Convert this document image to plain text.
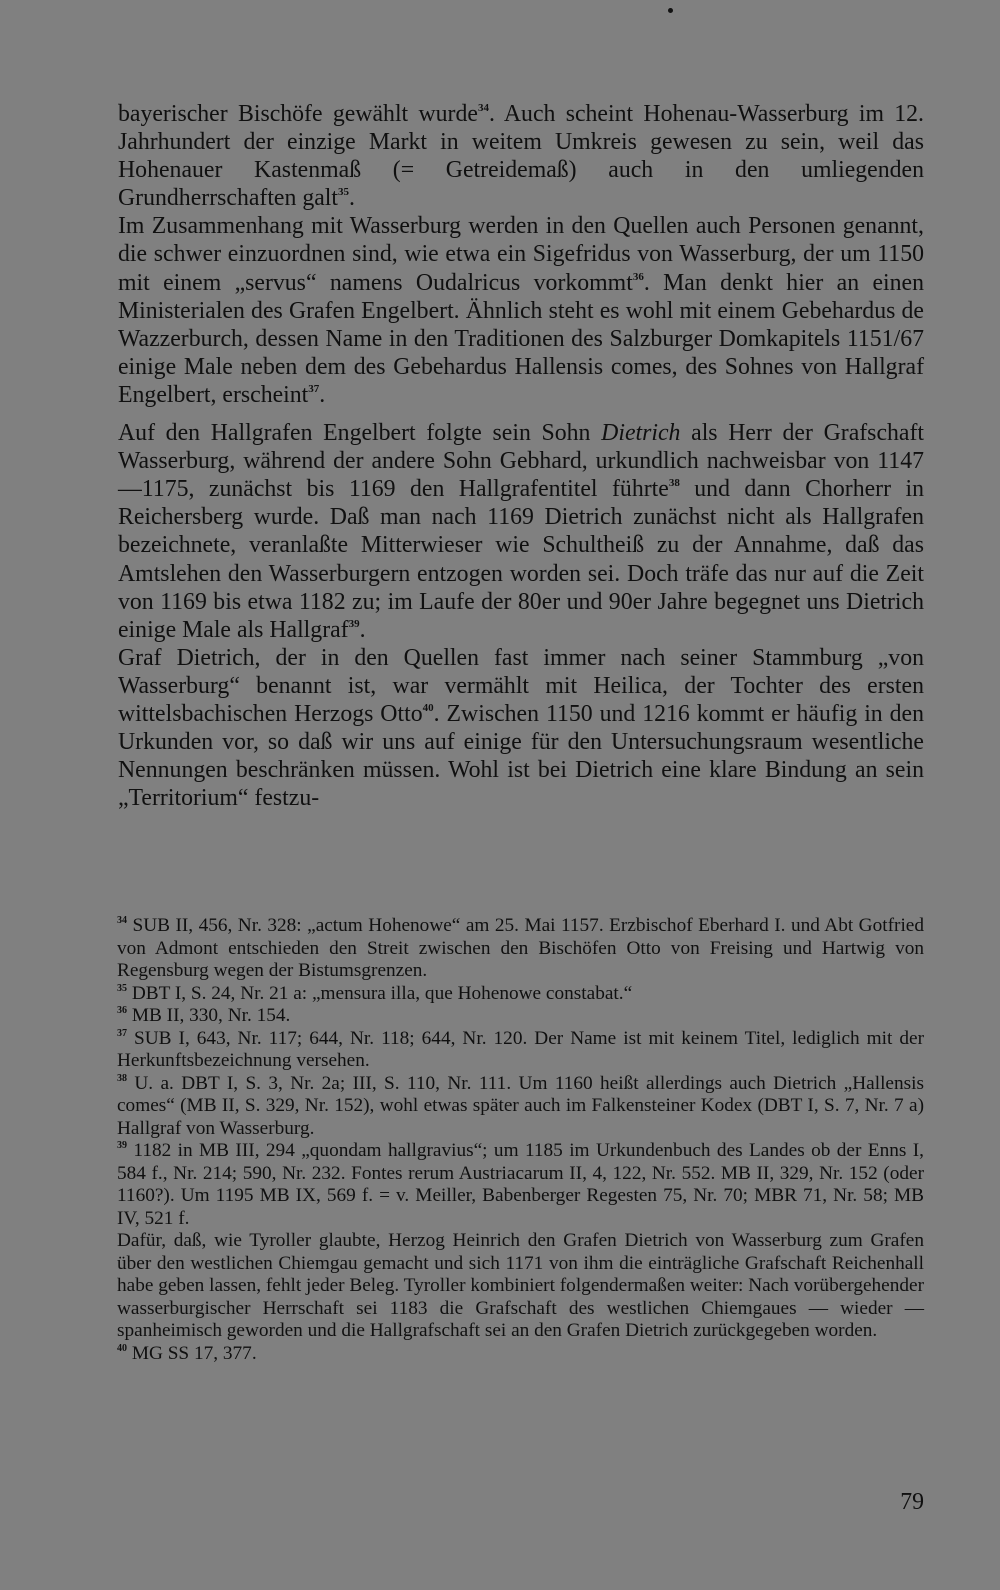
bayerischer Bischöfe gewählt wurde$^{34}$. Auch scheint Hohenau-Wasserburg im 12. Jahrhundert der einzige Markt in weitem Umkreis gewesen zu sein, weil das Hohenauer Kastenmaß (= Getreidemaß) auch in den umliegenden Grundherrschaften galt$^{35}$.

Im Zusammenhang mit Wasserburg werden in den Quellen auch Personen genannt, die schwer einzuordnen sind, wie etwa ein Sigefridus von Wasserburg, der um 1150 mit einem „servus“ namens Oudalricus vorkommt$^{36}$. Man denkt hier an einen Ministerialen des Grafen Engelbert. Ähnlich steht es wohl mit einem Gebehardus de Wazzerburch, dessen Name in den Traditionen des Salzburger Domkapitels 1151/67 einige Male neben dem des Gebehardus Hallensis comes, des Sohnes von Hallgraf Engelbert, erscheint$^{37}$.

Auf den Hallgrafen Engelbert folgte sein Sohn Dietrich als Herr der Grafschaft Wasserburg, während der andere Sohn Gebhard, urkundlich nachweisbar von 1147—1175, zunächst bis 1169 den Hallgrafentitel führte$^{38}$ und dann Chorherr in Reichersberg wurde. Daß man nach 1169 Dietrich zunächst nicht als Hallgrafen bezeichnete, veranlaßte Mitterwieser wie Schultheiß zu der Annahme, daß das Amtslehen den Wasserburgern entzogen worden sei. Doch träfe das nur auf die Zeit von 1169 bis etwa 1182 zu; im Laufe der 80er und 90er Jahre begegnet uns Dietrich einige Male als Hallgraf$^{39}$.

Graf Dietrich, der in den Quellen fast immer nach seiner Stammburg „von Wasserburg“ benannt ist, war vermählt mit Heilica, der Tochter des ersten wittelsbachischen Herzogs Otto$^{40}$. Zwischen 1150 und 1216 kommt er häufig in den Urkunden vor, so daß wir uns auf einige für den Untersuchungsraum wesentliche Nennungen beschränken müssen. Wohl ist bei Dietrich eine klare Bindung an sein „Territorium“ festzu-

$^{34}$ SUB II, 456, Nr. 328: „actum Hohenowe“ am 25. Mai 1157. Erzbischof Eberhard I. und Abt Gotfried von Admont entschieden den Streit zwischen den Bischöfen Otto von Freising und Hartwig von Regensburg wegen der Bistumsgrenzen.

$^{35}$ DBT I, S. 24, Nr. 21 a: „mensura illa, que Hohenowe constabat.“

$^{36}$ MB II, 330, Nr. 154.

$^{37}$ SUB I, 643, Nr. 117; 644, Nr. 118; 644, Nr. 120. Der Name ist mit keinem Titel, lediglich mit der Herkunftsbezeichnung versehen.

$^{38}$ U. a. DBT I, S. 3, Nr. 2a; III, S. 110, Nr. 111. Um 1160 heißt allerdings auch Dietrich „Hallensis comes“ (MB II, S. 329, Nr. 152), wohl etwas später auch im Falkensteiner Kodex (DBT I, S. 7, Nr. 7 a) Hallgraf von Wasserburg.

$^{39}$ 1182 in MB III, 294 „quondam hallgravius“; um 1185 im Urkundenbuch des Landes ob der Enns I, 584 f., Nr. 214; 590, Nr. 232. Fontes rerum Austriacarum II, 4, 122, Nr. 552. MB II, 329, Nr. 152 (oder 1160?). Um 1195 MB IX, 569 f. = v. Meiller, Babenberger Regesten 75, Nr. 70; MBR 71, Nr. 58; MB IV, 521 f.

Dafür, daß, wie Tyroller glaubte, Herzog Heinrich den Grafen Dietrich von Wasserburg zum Grafen über den westlichen Chiemgau gemacht und sich 1171 von ihm die einträgliche Grafschaft Reichenhall habe geben lassen, fehlt jeder Beleg. Tyroller kombiniert folgendermaßen weiter: Nach vorübergehender wasserburgischer Herrschaft sei 1183 die Grafschaft des westlichen Chiemgaues — wieder — spanheimisch geworden und die Hallgrafschaft sei an den Grafen Dietrich zurückgegeben worden.

$^{40}$ MG SS 17, 377.

79
